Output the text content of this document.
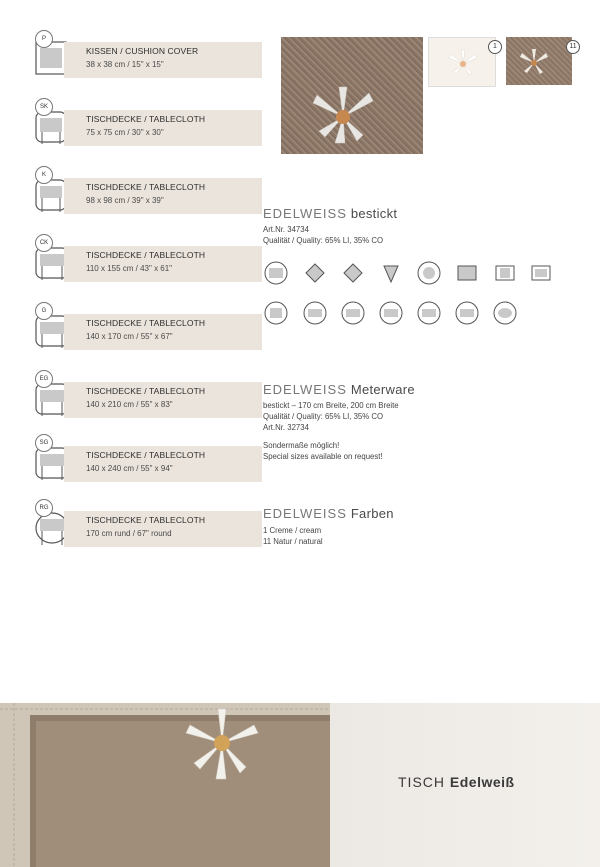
P
KISSEN / CUSHION COVER
38 x 38 cm / 15" x 15"
SK
TISCHDECKE / TABLECLOTH
75 x 75 cm / 30" x 30"
K
TISCHDECKE / TABLECLOTH
98 x 98 cm / 39" x 39"
CK
TISCHDECKE / TABLECLOTH
110 x 155 cm / 43" x 61"
G
TISCHDECKE / TABLECLOTH
140 x 170 cm / 55" x 67"
EG
TISCHDECKE / TABLECLOTH
140 x 210 cm / 55" x 83"
SG
TISCHDECKE / TABLECLOTH
140 x 240 cm / 55" x 94"
RG
TISCHDECKE / TABLECLOTH
170 cm rund / 67" round
1	11
EDELWEISS bestickt
Art.Nr. 34734
Qualität / Quality: 65% LI, 35% CO
EDELWEISS Meterware
bestickt – 170 cm Breite, 200 cm Breite
Qualität / Quality: 65% LI, 35% CO
Art.Nr. 32734
Sondermaße möglich!
Special sizes available on request!
EDELWEISS Farben
1 Creme / cream
11 Natur / natural
TISCH Edelweiß
